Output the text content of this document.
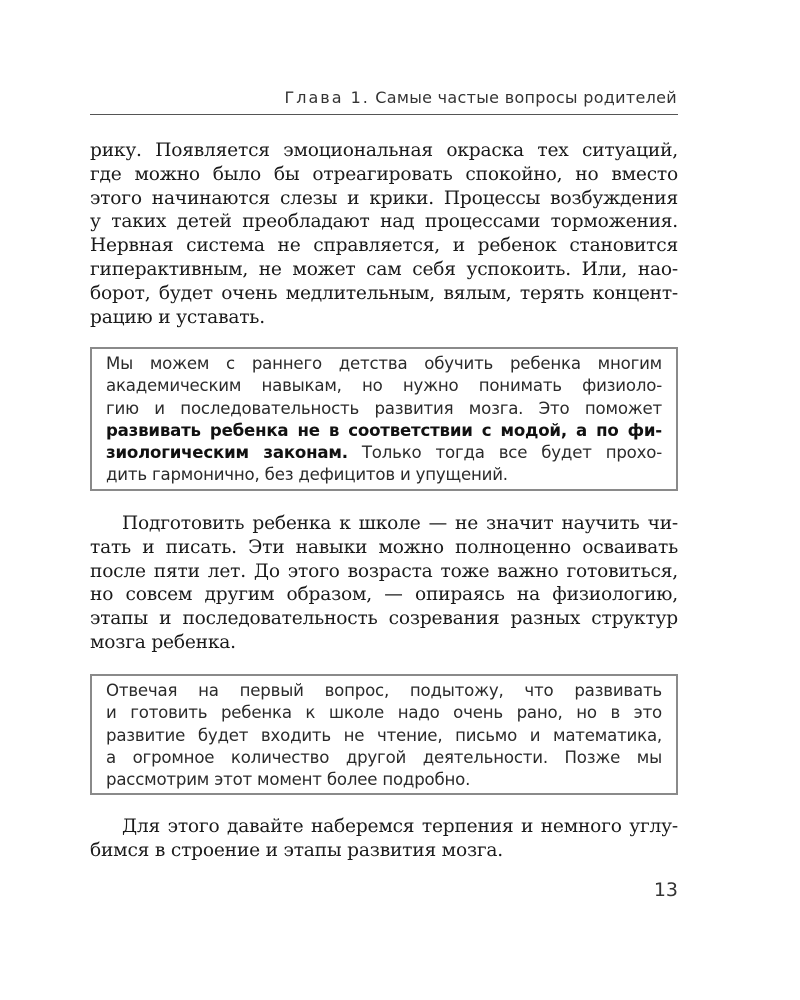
Глава 1. Самые частые вопросы родителей
рику. Появляется эмоциональная окраска тех ситуаций,
где можно было бы отреагировать спокойно, но вместо
этого начинаются слезы и крики. Процессы возбуждения
у таких детей преобладают над процессами торможения.
Нервная система не справляется, и ребенок становится
гиперактивным, не может сам себя успокоить. Или, нао-
борот, будет очень медлительным, вялым, терять концент-
рацию и уставать.
Мы можем с раннего детства обучить ребенка многим
академическим навыкам, но нужно понимать физиоло-
гию и последовательность развития мозга. Это поможет
развивать ребенка не в соответствии с модой, а по фи-
зиологическим законам. Только тогда все будет прохо-
дить гармонично, без дефицитов и упущений.
Подготовить ребенка к школе — не значит научить чи-
тать и писать. Эти навыки можно полноценно осваивать
после пяти лет. До этого возраста тоже важно готовиться,
но совсем другим образом, — опираясь на физиологию,
этапы и последовательность созревания разных структур
мозга ребенка.
Отвечая на первый вопрос, подытожу, что развивать
и готовить ребенка к школе надо очень рано, но в это
развитие будет входить не чтение, письмо и математика,
а огромное количество другой деятельности. Позже мы
рассмотрим этот момент более подробно.
Для этого давайте наберемся терпения и немного углу-
бимся в строение и этапы развития мозга.
13
